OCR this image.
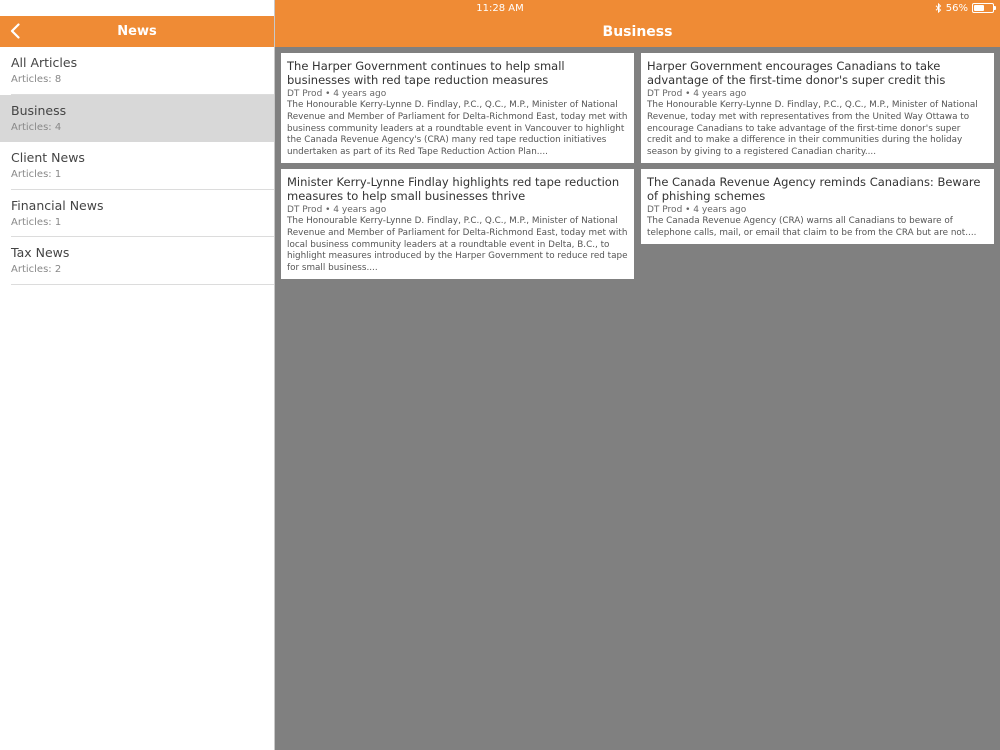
11:28 AM	56%
News
All Articles
Articles: 8
Business
Articles: 4
Client News
Articles: 1
Financial News
Articles: 1
Tax News
Articles: 2
Business
The Harper Government continues to help small businesses with red tape reduction measures
DT Prod • 4 years ago
The Honourable Kerry-Lynne D. Findlay, P.C., Q.C., M.P., Minister of National Revenue and Member of Parliament for Delta-Richmond East, today met with business community leaders at a roundtable event in Vancouver to highlight the Canada Revenue Agency's (CRA) many red tape reduction initiatives undertaken as part of its Red Tape Reduction Action Plan....
Harper Government encourages Canadians to take advantage of the first-time donor's super credit this
DT Prod • 4 years ago
The Honourable Kerry-Lynne D. Findlay, P.C., Q.C., M.P., Minister of National Revenue, today met with representatives from the United Way Ottawa to encourage Canadians to take advantage of the first-time donor's super credit and to make a difference in their communities during the holiday season by giving to a registered Canadian charity....
Minister Kerry-Lynne Findlay highlights red tape reduction measures to help small businesses thrive
DT Prod • 4 years ago
The Honourable Kerry-Lynne D. Findlay, P.C., Q.C., M.P., Minister of National Revenue and Member of Parliament for Delta-Richmond East, today met with local business community leaders at a roundtable event in Delta, B.C., to highlight measures introduced by the Harper Government to reduce red tape for small business....
The Canada Revenue Agency reminds Canadians: Beware of phishing schemes
DT Prod • 4 years ago
The Canada Revenue Agency (CRA) warns all Canadians to beware of telephone calls, mail, or email that claim to be from the CRA but are not....
